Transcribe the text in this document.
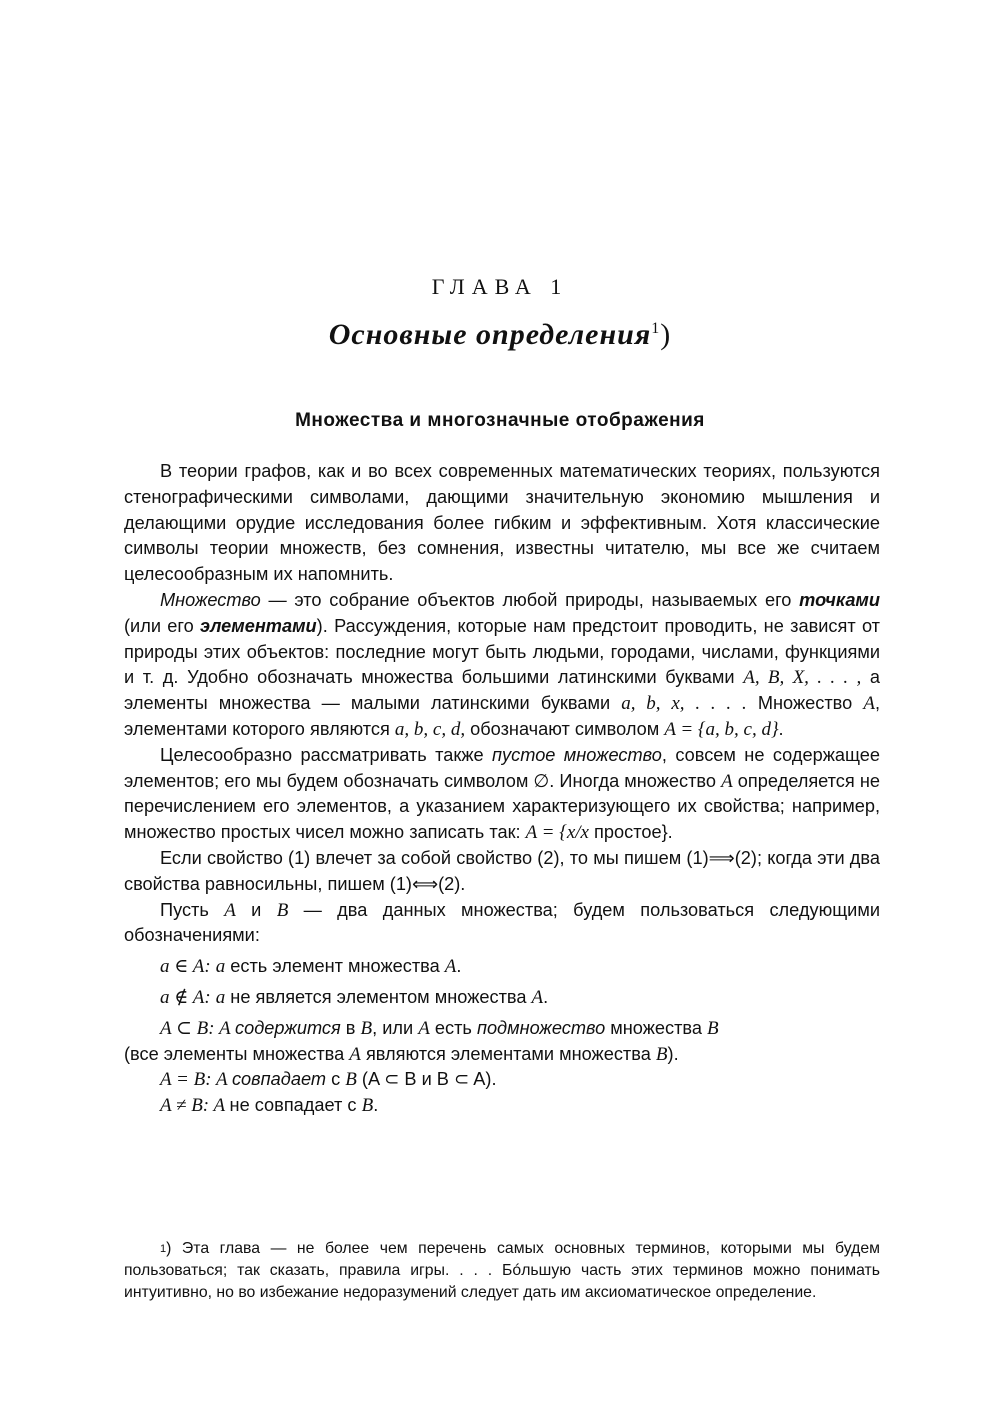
ГЛАВА 1
Основные определения$^1$)
Множества и многозначные отображения

В теории графов, как и во всех современных математических теориях, пользуются стенографическими символами, дающими значительную экономию мышления и делающими орудие исследования более гибким и эффективным. Хотя классические символы теории множеств, без сомнения, известны читателю, мы все же считаем целесообразным их напомнить.

Множество — это собрание объектов любой природы, называемых его точками (или его элементами). Рассуждения, которые нам предстоит проводить, не зависят от природы этих объектов: последние могут быть людьми, городами, числами, функциями и т. д. Удобно обозначать множества большими латинскими буквами A, B, X, . . . , а элементы множества — малыми латинскими буквами a, b, x, . . . . Множество A, элементами которого являются a, b, c, d, обозначают символом A = {a, b, c, d}.

Целесообразно рассматривать также пустое множество, совсем не содержащее элементов; его мы будем обозначать символом ∅. Иногда множество A определяется не перечислением его элементов, а указанием характеризующего их свойства; например, множество простых чисел можно записать так: A = {x/x простое}.

Если свойство (1) влечет за собой свойство (2), то мы пишем (1)⟹(2); когда эти два свойства равносильны, пишем (1)⟺(2).

Пусть A и B — два данных множества; будем пользоваться следующими обозначениями:

a ∈ A: a есть элемент множества A.

a ∉ A: a не является элементом множества A.

A ⊂ B: A содержится в B, или A есть подмножество множества B
(все элементы множества A являются элементами множества B).

A = B: A совпадает с B (A ⊂ B и B ⊂ A).

A ≠ B: A не совпадает с B.

$^1$) Эта глава — не более чем перечень самых основных терминов, которыми мы будем пользоваться; так сказать, правила игры. . . . Бóльшую часть этих терминов можно понимать интуитивно, но во избежание недоразумений следует дать им аксиоматическое определение.
